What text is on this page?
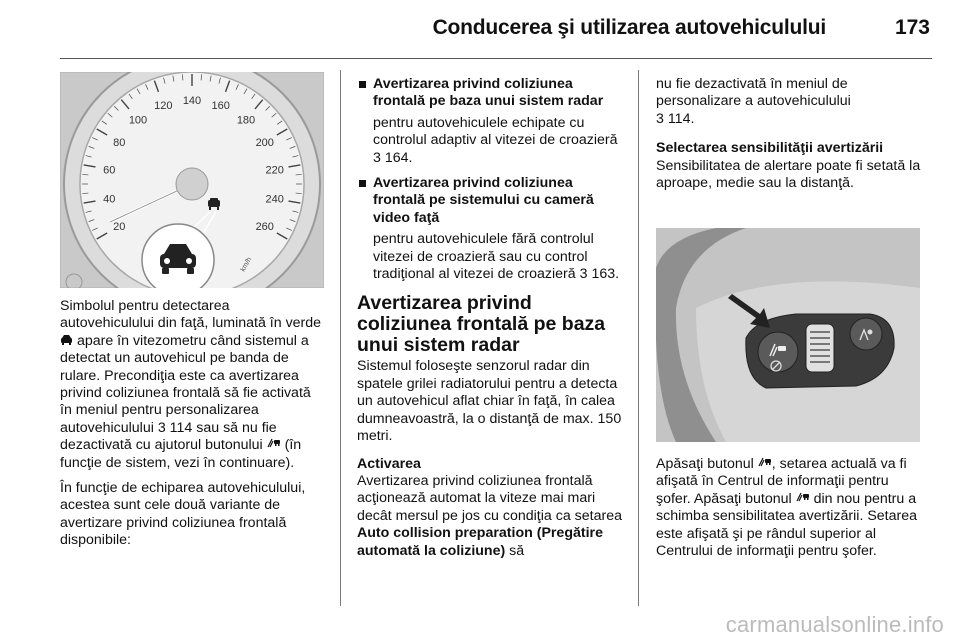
Conducerea şi utilizarea autovehiculului	173
20
40
60
80
100
120 140 160
180
200
220
240
260
km/h

Simbolul pentru detectarea autovehiculului din faţă, luminată în verde  apare în vitezometru când sistemul a detectat un autovehicul pe banda de rulare. Precondiţia este ca avertizarea privind coliziunea frontală să fie activată în meniul pentru personalizarea autovehiculului 3 114 sau să nu fie dezactivată cu ajutorul butonului (în funcţie de sistem, vezi în continuare).

În funcţie de echiparea autovehiculului, acestea sunt cele două variante de avertizare privind coliziunea frontală disponibile:

Avertizarea privind coliziunea frontală pe baza unui sistem radar

pentru autovehiculele echipate cu controlul adaptiv al vitezei de croazieră 3 164.

Avertizarea privind coliziunea frontală pe sistemului cu cameră video faţă

pentru autovehiculele fără controlul vitezei de croazieră sau cu control tradiţional al vitezei de croazieră 3 163.

Avertizarea privind coliziunea frontală pe baza unui sistem radar

Sistemul foloseşte senzorul radar din spatele grilei radiatorului pentru a detecta un autovehicul aflat chiar în faţă, în calea dumneavoastră, la o distanţă de max. 150 metri.

Activarea

Avertizarea privind coliziunea frontală acţionează automat la viteze mai mari decât mersul pe jos cu condiţia ca setarea Auto collision preparation (Pregătire automată la coliziune) să

nu fie dezactivată în meniul de personalizare a autovehiculului
3 114.

Selectarea sensibilităţii avertizării

Sensibilitatea de alertare poate fi setată la aproape, medie sau la distanţă.

Apăsaţi butonul , setarea actuală va fi afişată în Centrul de informaţii pentru şofer. Apăsaţi butonul din nou pentru a schimba sensibilitatea avertizării. Setarea este afişată şi pe rândul superior al Centrului de informaţii pentru şofer.

carmanualsonline.info
